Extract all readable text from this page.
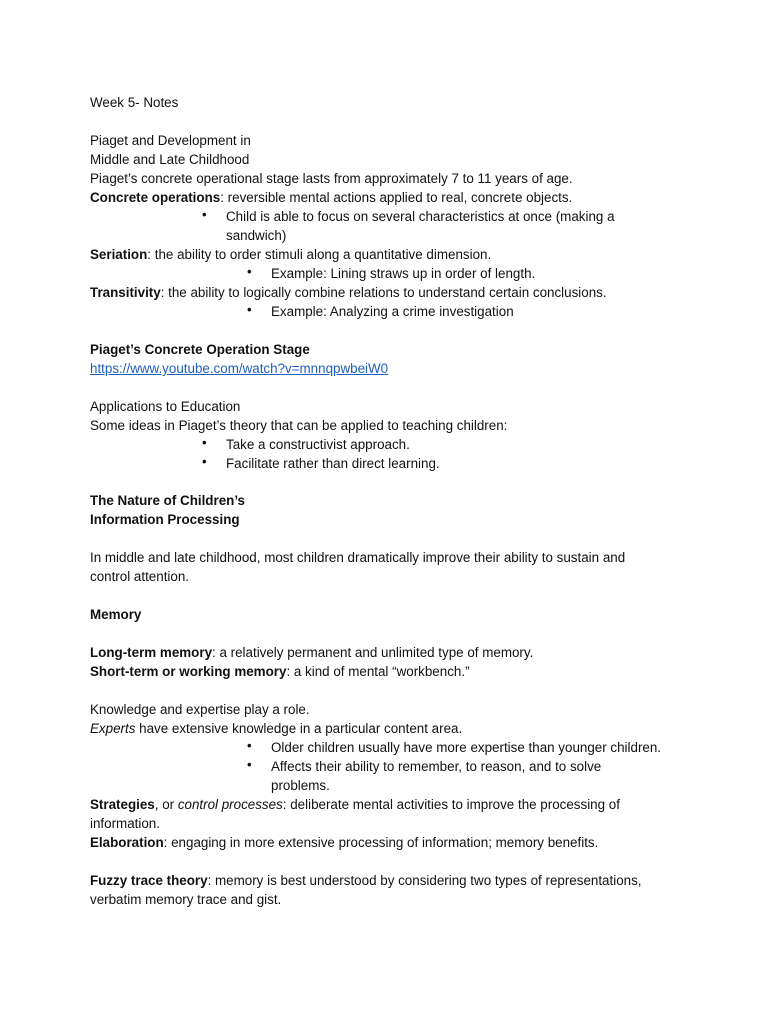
Week 5- Notes
Piaget and Development in
Middle and Late Childhood
Piaget’s concrete operational stage lasts from approximately 7 to 11 years of age.
Concrete operations: reversible mental actions applied to real, concrete objects.
• Child is able to focus on several characteristics at once (making a
sandwich)
Seriation: the ability to order stimuli along a quantitative dimension.
• Example: Lining straws up in order of length.
Transitivity: the ability to logically combine relations to understand certain conclusions.
• Example: Analyzing a crime investigation
Piaget’s Concrete Operation Stage
https://www.youtube.com/watch?v=mnnqpwbeiW0
Applications to Education
Some ideas in Piaget’s theory that can be applied to teaching children:
• Take a constructivist approach.
• Facilitate rather than direct learning.
The Nature of Children’s
Information Processing
In middle and late childhood, most children dramatically improve their ability to sustain and
control attention.
Memory
Long-term memory: a relatively permanent and unlimited type of memory.
Short-term or working memory: a kind of mental “workbench.”
Knowledge and expertise play a role.
Experts have extensive knowledge in a particular content area.
• Older children usually have more expertise than younger children.
• Affects their ability to remember, to reason, and to solve
problems.
Strategies, or control processes: deliberate mental activities to improve the processing of
information.
Elaboration: engaging in more extensive processing of information; memory benefits.
Fuzzy trace theory: memory is best understood by considering two types of representations,
verbatim memory trace and gist.
